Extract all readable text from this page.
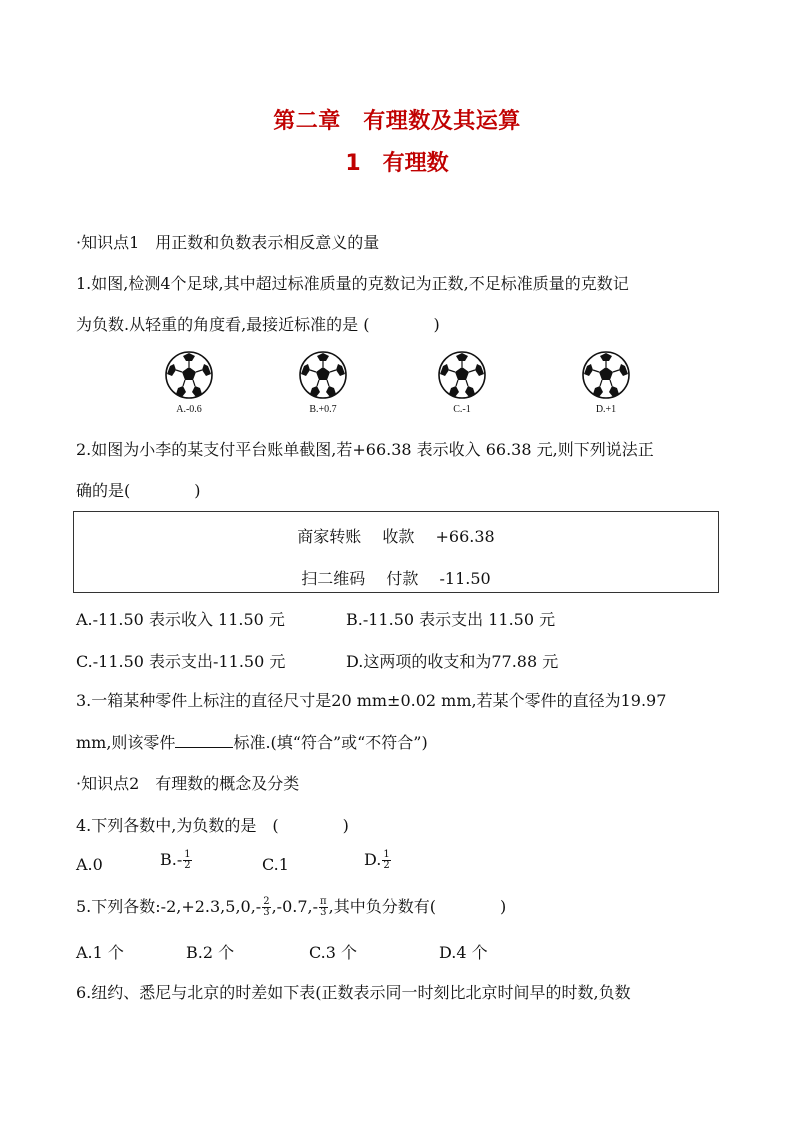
第二章　有理数及其运算
1 有理数
·知识点1　用正数和负数表示相反意义的量
1.如图,检测4个足球,其中超过标准质量的克数记为正数,不足标准质量的克数记
为负数.从轻重的角度看,最接近标准的是 (　　　　)
A.-0.6	B.+0.7	C.-1	D.+1
2.如图为小李的某支付平台账单截图,若+66.38 表示收入 66.38 元,则下列说法正
确的是(　　　　)
商家转账 收款 +66.38
扫二维码 付款 -11.50
A.-11.50 表示收入 11.50 元	B.-11.50 表示支出 11.50 元
C.-11.50 表示支出-11.50 元	D.这两项的收支和为77.88 元
3.一箱某种零件上标注的直径尺寸是20 mm±0.02 mm,若某个零件的直径为19.97
mm,则该零件	标准.(填“符合”或“不符合”)
·知识点2　有理数的概念及分类
4.下列各数中,为负数的是　(　　　　)
A.0	$B.- \frac{1}{2}$	C.1	D. $\frac{1}{2}$
5.下列各数:-2,+2.3,5,0,- $\frac{2}{3} ,-0.7,- \frac{\pi}{3}$ ,其中负分数有(　　　　)
A.1 个	B.2 个	C.3 个	D.4 个
6.纽约、悉尼与北京的时差如下表(正数表示同一时刻比北京时间早的时数,负数
